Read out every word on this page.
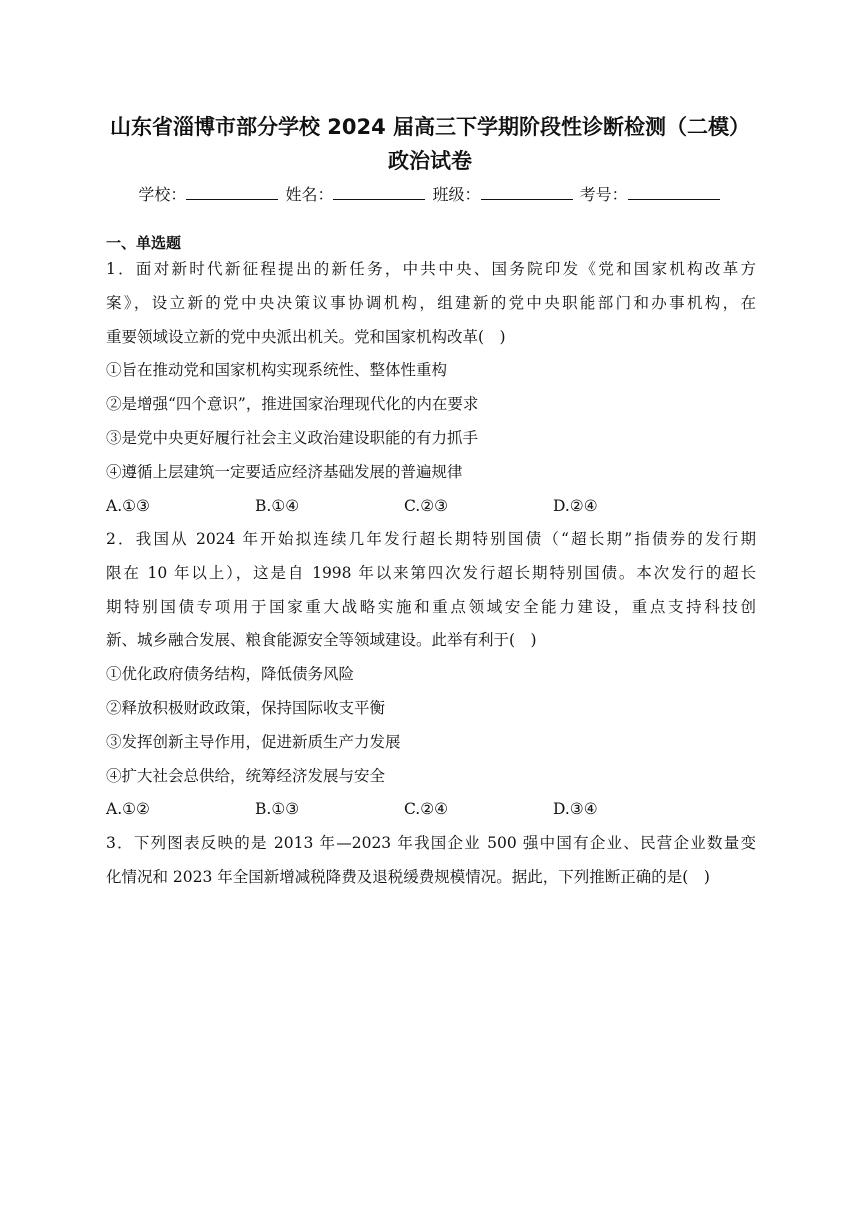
山东省淄博市部分学校 2024 届高三下学期阶段性诊断检测（二模）
政治试卷
学校：	姓名：	班级：	考号：
一、单选题
1．面对新时代新征程提出的新任务，中共中央、国务院印发《党和国家机构改革方
案》，设立新的党中央决策议事协调机构，组建新的党中央职能部门和办事机构，在
重要领域设立新的党中央派出机关。党和国家机构改革(　)
①旨在推动党和国家机构实现系统性、整体性重构
②是增强“四个意识”，推进国家治理现代化的内在要求
③是党中央更好履行社会主义政治建设职能的有力抓手
④遵循上层建筑一定要适应经济基础发展的普遍规律
A.①③	B.①④	C.②③	D.②④
2．我国从 2024 年开始拟连续几年发行超长期特别国债（“超长期”指债券的发行期
限在 10 年以上），这是自 1998 年以来第四次发行超长期特别国债。本次发行的超长
期特别国债专项用于国家重大战略实施和重点领域安全能力建设，重点支持科技创
新、城乡融合发展、粮食能源安全等领域建设。此举有利于(　)
①优化政府债务结构，降低债务风险
②释放积极财政政策，保持国际收支平衡
③发挥创新主导作用，促进新质生产力发展
④扩大社会总供给，统筹经济发展与安全
A.①②	B.①③	C.②④	D.③④
3．下列图表反映的是 2013 年—2023 年我国企业 500 强中国有企业、民营企业数量变
化情况和 2023 年全国新增减税降费及退税缓费规模情况。据此，下列推断正确的是(　)
